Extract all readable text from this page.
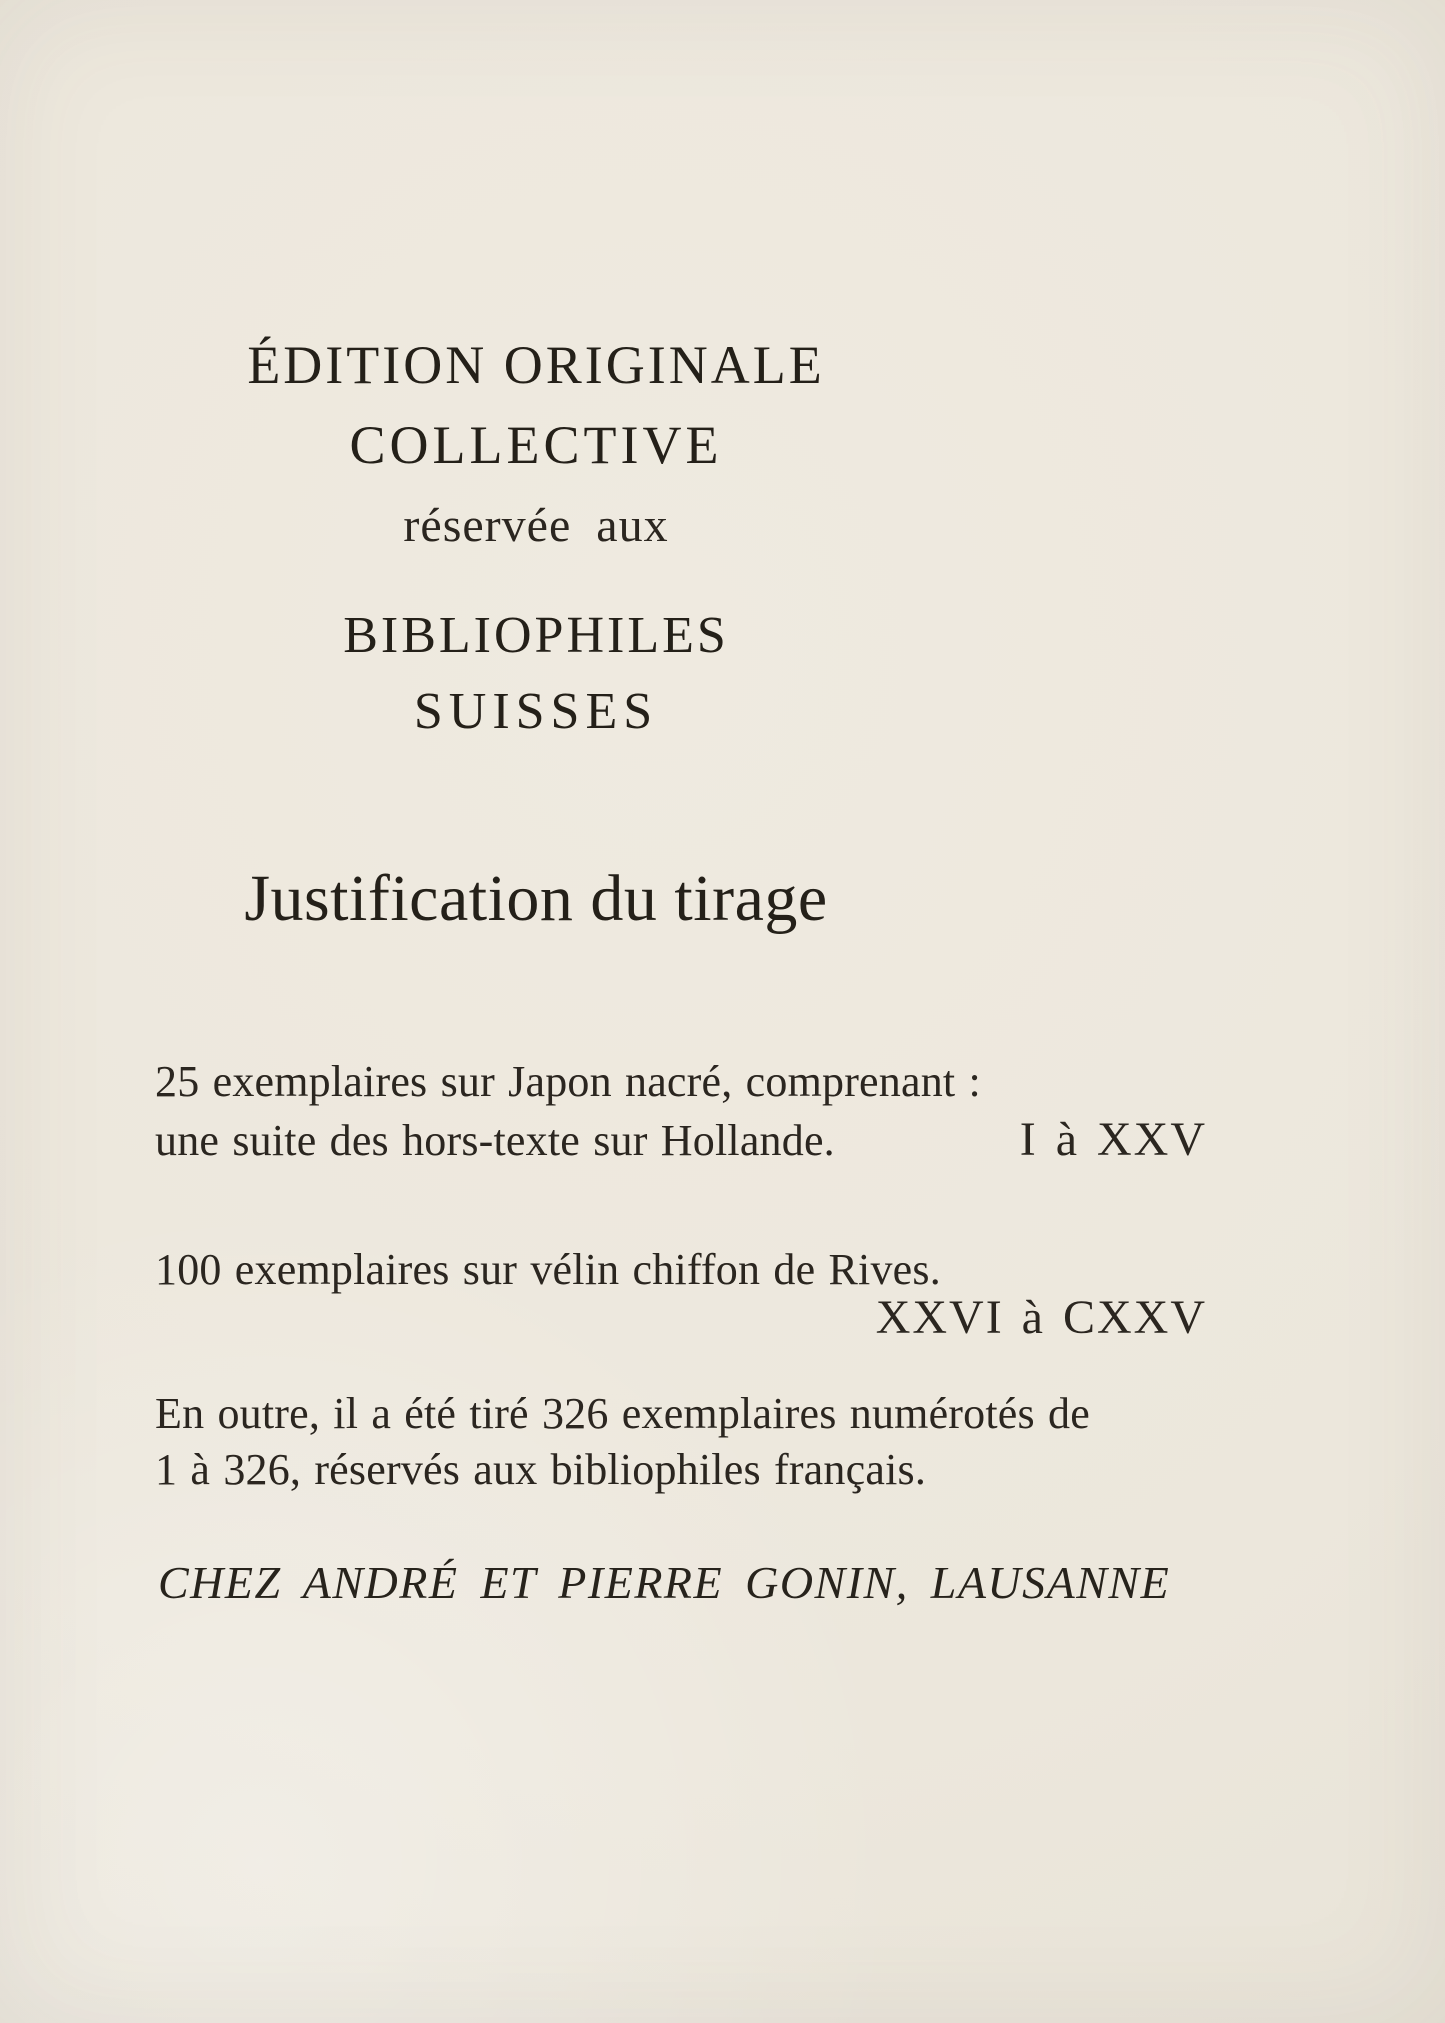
ÉDITION ORIGINALE
COLLECTIVE
réservée aux
BIBLIOPHILES
SUISSES
Justification du tirage
25 exemplaires sur Japon nacré, comprenant :
une suite des hors-texte sur Hollande.	I à XXV
100 exemplaires sur vélin chiffon de Rives.
XXVI à CXXV
En outre, il a été tiré 326 exemplaires numérotés de
1 à 326, réservés aux bibliophiles français.
CHEZ ANDRÉ ET PIERRE GONIN, LAUSANNE
